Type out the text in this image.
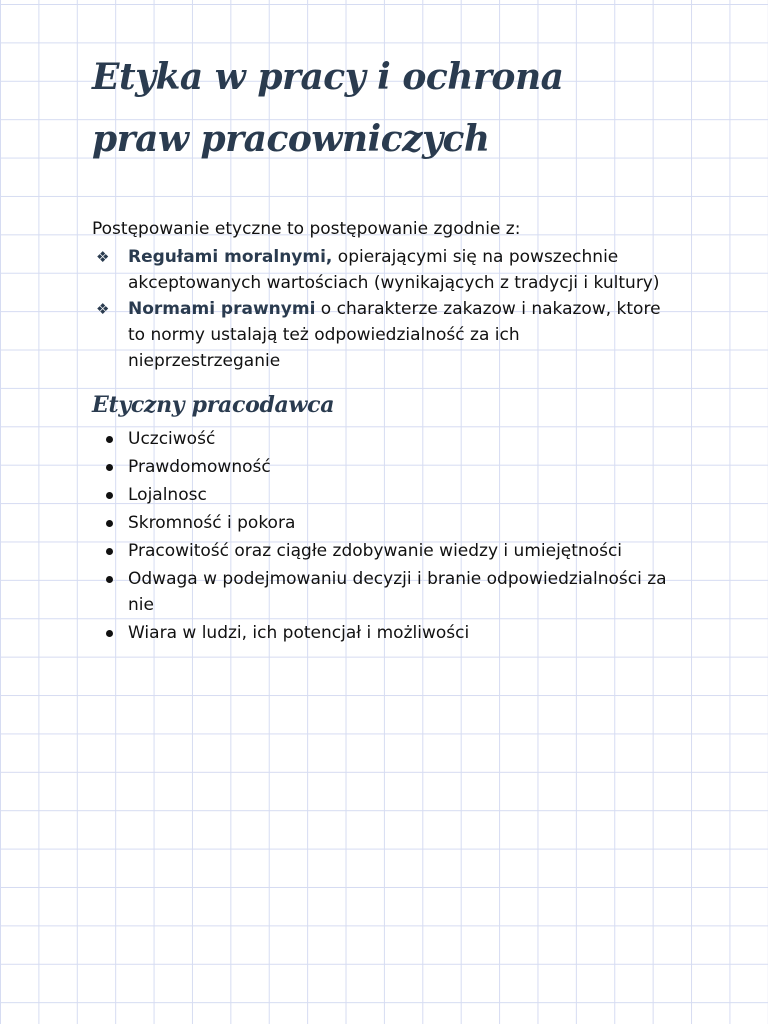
Etyka w pracy i ochrona praw pracowniczych

Postępowanie etyczne to postępowanie zgodnie z:

❖ Regułami moralnymi, opierającymi się na powszechnie akceptowanych wartościach (wynikających z tradycji i kultury)
❖ Normami prawnymi o charakterze zakazow i nakazow, ktore to normy ustalają też odpowiedzialność za ich nieprzestrzeganie
Etyczny pracodawca
Uczciwość
Prawdomowność
Lojalnosc
Skromność i pokora
Pracowitość oraz ciągłe zdobywanie wiedzy i umiejętności
Odwaga w podejmowaniu decyzji i branie odpowiedzialności za nie
Wiara w ludzi, ich potencjał i możliwości
